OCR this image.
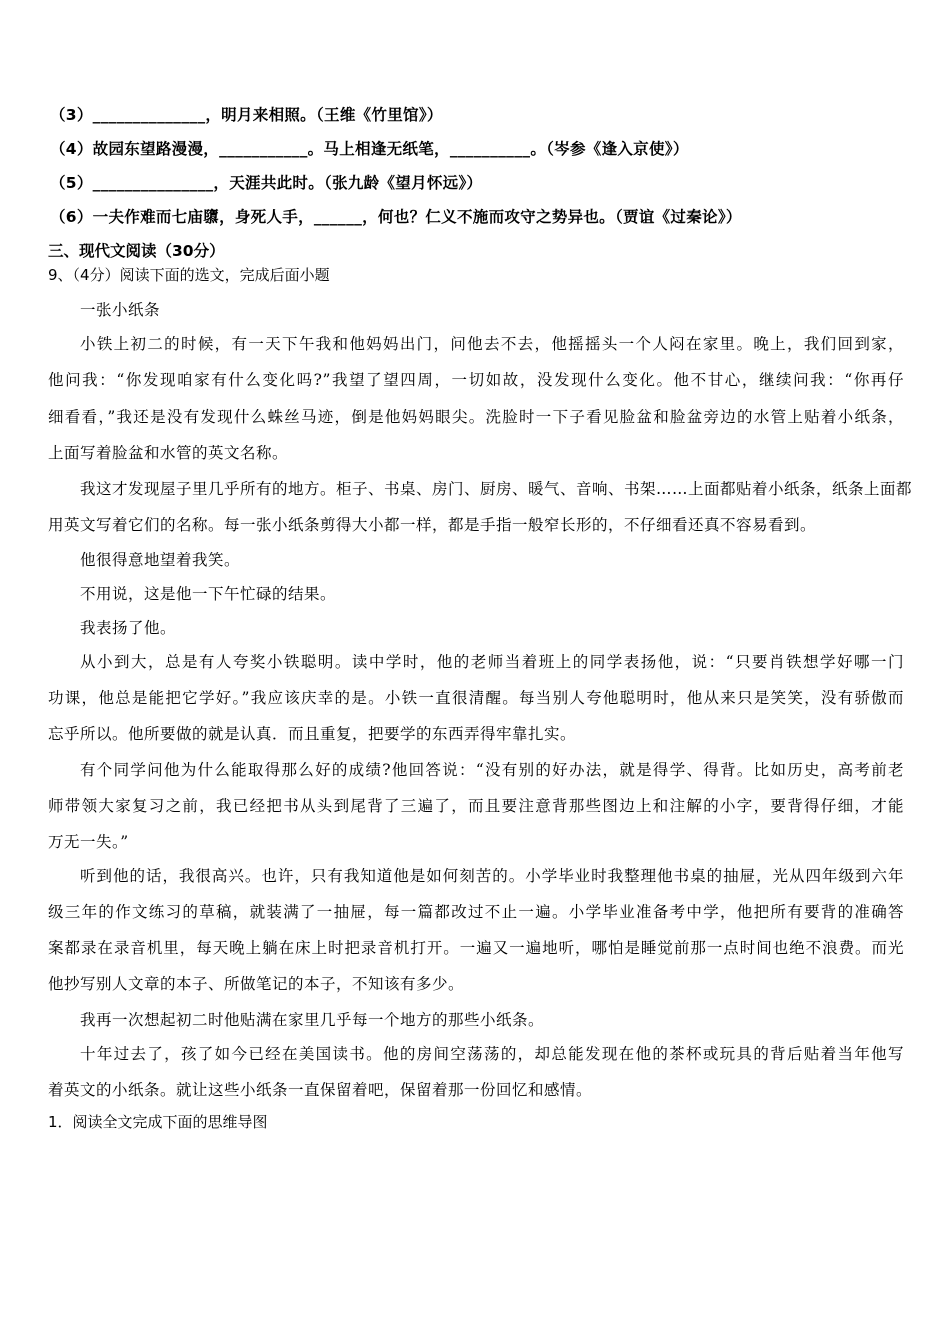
（3）______________，明月来相照。（王维《竹里馆》）
（4）故园东望路漫漫，___________。马上相逢无纸笔，__________。（岑参《逢入京使》）
（5）_______________，天涯共此时。（张九龄《望月怀远》）
（6）一夫作难而七庙隳，身死人手，______，何也？仁义不施而攻守之势异也。（贾谊《过秦论》）
三、现代文阅读（30分）
9、（4分）阅读下面的选文，完成后面小题
一张小纸条
小铁上初二的时候，有一天下午我和他妈妈出门，问他去不去，他摇摇头一个人闷在家里。晚上，我们回到家，
他问我：“你发现咱家有什么变化吗?”我望了望四周，一切如故，没发现什么变化。他不甘心，继续问我：“你再仔
细看看，”我还是没有发现什么蛛丝马迹，倒是他妈妈眼尖。洗脸时一下子看见脸盆和脸盆旁边的水管上贴着小纸条，
上面写着脸盆和水管的英文名称。
我这才发现屋子里几乎所有的地方。柜子、书桌、房门、厨房、暖气、音响、书架……上面都贴着小纸条，纸条上面都
用英文写着它们的名称。每一张小纸条剪得大小都一样，都是手指一般窄长形的，不仔细看还真不容易看到。
他很得意地望着我笑。
不用说，这是他一下午忙碌的结果。
我表扬了他。
从小到大，总是有人夸奖小铁聪明。读中学时，他的老师当着班上的同学表扬他，说：“只要肖铁想学好哪一门
功课，他总是能把它学好。”我应该庆幸的是。小铁一直很清醒。每当别人夸他聪明时，他从来只是笑笑，没有骄傲而
忘乎所以。他所要做的就是认真．而且重复，把要学的东西弄得牢靠扎实。
有个同学问他为什么能取得那么好的成绩?他回答说：“没有别的好办法，就是得学、得背。比如历史，高考前老
师带领大家复习之前，我已经把书从头到尾背了三遍了，而且要注意背那些图边上和注解的小字，要背得仔细，才能
万无一失。”
听到他的话，我很高兴。也许，只有我知道他是如何刻苦的。小学毕业时我整理他书桌的抽屉，光从四年级到六年
级三年的作文练习的草稿，就装满了一抽屉，每一篇都改过不止一遍。小学毕业准备考中学，他把所有要背的准确答
案都录在录音机里，每天晚上躺在床上时把录音机打开。一遍又一遍地听，哪怕是睡觉前那一点时间也绝不浪费。而光
他抄写别人文章的本子、所做笔记的本子，不知该有多少。
我再一次想起初二时他贴满在家里几乎每一个地方的那些小纸条。
十年过去了，孩了如今已经在美国读书。他的房间空荡荡的，却总能发现在他的茶杯或玩具的背后贴着当年他写
着英文的小纸条。就让这些小纸条一直保留着吧，保留着那一份回忆和感情。
1．阅读全文完成下面的思维导图
